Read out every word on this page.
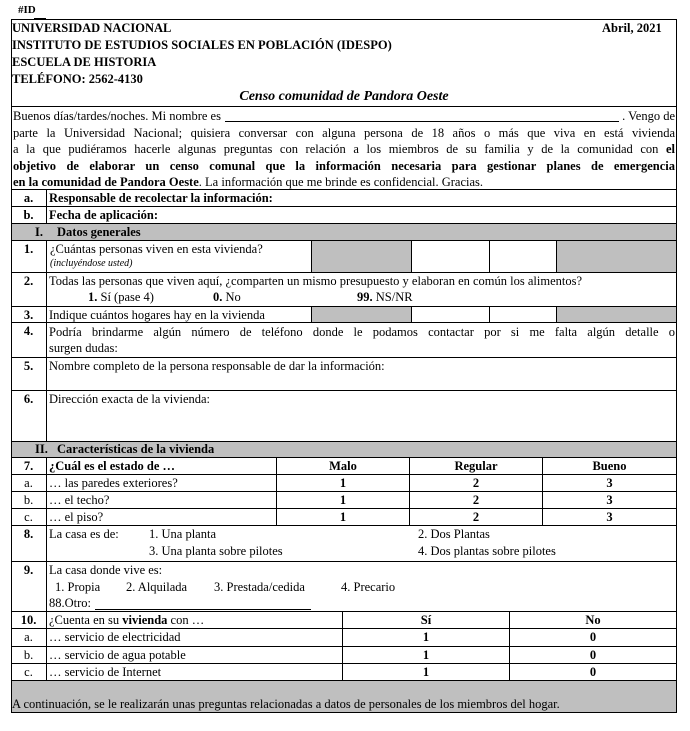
#ID
UNIVERSIDAD NACIONAL	Abril, 2021
INSTITUTO DE ESTUDIOS SOCIALES EN POBLACIÓN (IDESPO)
ESCUELA DE HISTORIA
TELÉFONO: 2562-4130
Censo comunidad de Pandora Oeste
Buenos días/tardes/noches. Mi nombre es	. Vengo de
parte la Universidad Nacional; quisiera conversar con alguna persona de 18 años o más que viva en está vivienda
a la que pudiéramos hacerle algunas preguntas con relación a los miembros de su familia y de la comunidad con el
objetivo de elaborar un censo comunal que la información necesaria para gestionar planes de emergencia
en la comunidad de Pandora Oeste. La información que me brinde es confidencial. Gracias.
a.	Responsable de recolectar la información:
b.	Fecha de aplicación:
I. Datos generales
1.	¿Cuántas personas viven en esta vivienda?
(incluyéndose usted)
2.	Todas las personas que viven aquí, ¿comparten un mismo presupuesto y elaboran en común los alimentos?
1. Sí (pase 4)	0. No	99. NS/NR
3.	Indique cuántos hogares hay en la vivienda
4.	Podría brindarme algún número de teléfono donde le podamos contactar por si me falta algún detalle o
surgen dudas:
5.	Nombre completo de la persona responsable de dar la información:
6.	Dirección exacta de la vivienda:
II. Características de la vivienda
7.	¿Cuál es el estado de …	Malo	Regular	Bueno
a.	… las paredes exteriores?	1	2	3
b.	… el techo?	1	2	3
c.	… el piso?	1	2	3
8.	La casa es de: 1. Una planta	2. Dos Plantas
3. Una planta sobre pilotes	4. Dos plantas sobre pilotes
9.	La casa donde vive es:
1. Propia 2. Alquilada 3. Prestada/cedida	4. Precario
88.Otro:
10.	¿Cuenta en su vivienda con …	Sí	No
a.	… servicio de electricidad	1	0
b.	… servicio de agua potable	1	0
c.	… servicio de Internet	1	0
A continuación, se le realizarán unas preguntas relacionadas a datos de personales de los miembros del hogar.
